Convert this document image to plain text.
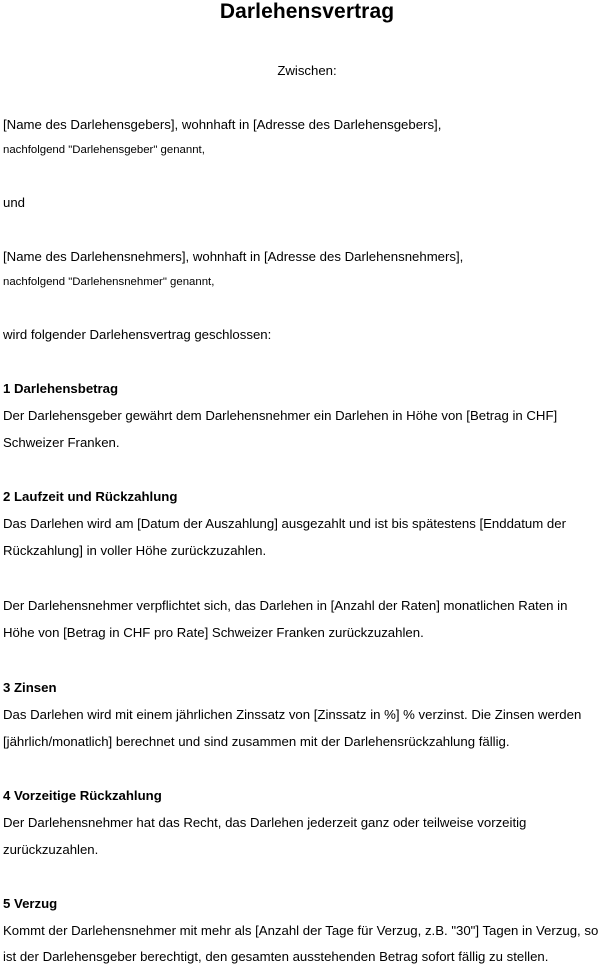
Darlehensvertrag
Zwischen:
[Name des Darlehensgebers], wohnhaft in [Adresse des Darlehensgebers],
nachfolgend "Darlehensgeber" genannt,
und
[Name des Darlehensnehmers], wohnhaft in [Adresse des Darlehensnehmers],
nachfolgend "Darlehensnehmer" genannt,
wird folgender Darlehensvertrag geschlossen:
1 Darlehensbetrag
Der Darlehensgeber gewährt dem Darlehensnehmer ein Darlehen in Höhe von [Betrag in CHF]
Schweizer Franken.
2 Laufzeit und Rückzahlung
Das Darlehen wird am [Datum der Auszahlung] ausgezahlt und ist bis spätestens [Enddatum der
Rückzahlung] in voller Höhe zurückzuzahlen.
Der Darlehensnehmer verpflichtet sich, das Darlehen in [Anzahl der Raten] monatlichen Raten in
Höhe von [Betrag in CHF pro Rate] Schweizer Franken zurückzuzahlen.
3 Zinsen
Das Darlehen wird mit einem jährlichen Zinssatz von [Zinssatz in %] % verzinst. Die Zinsen werden
[jährlich/monatlich] berechnet und sind zusammen mit der Darlehensrückzahlung fällig.
4 Vorzeitige Rückzahlung
Der Darlehensnehmer hat das Recht, das Darlehen jederzeit ganz oder teilweise vorzeitig
zurückzuzahlen.
5 Verzug
Kommt der Darlehensnehmer mit mehr als [Anzahl der Tage für Verzug, z.B. "30"] Tagen in Verzug, so
ist der Darlehensgeber berechtigt, den gesamten ausstehenden Betrag sofort fällig zu stellen.
